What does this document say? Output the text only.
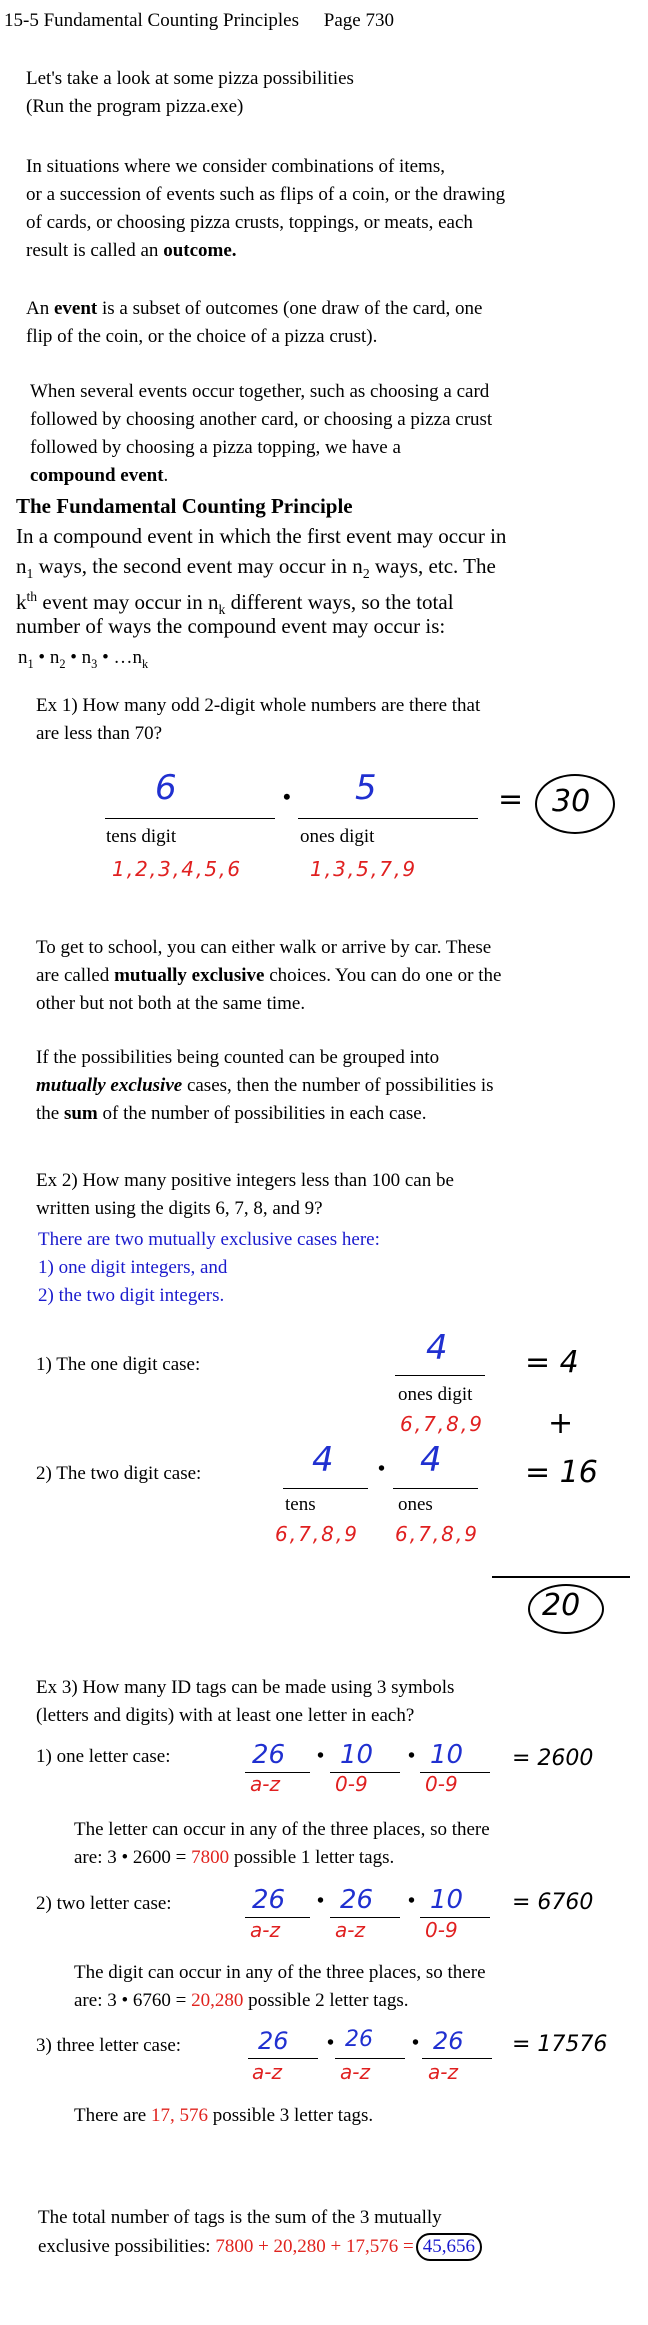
15-5 Fundamental Counting Principles Page 730
Let's take a look at some pizza possibilities
(Run the program pizza.exe)
In situations where we consider combinations of items,
or a succession of events such as flips of a coin, or the drawing
of cards, or choosing pizza crusts, toppings, or meats, each
result is called an outcome.
An event is a subset of outcomes (one draw of the card, one
flip of the coin, or the choice of a pizza crust).
When several events occur together, such as choosing a card
followed by choosing another card, or choosing a pizza crust
followed by choosing a pizza topping, we have a
compound event.
The Fundamental Counting Principle
In a compound event in which the first event may occur in
$n_1$ ways, the second event may occur in $n_2$ ways, etc. The
$k^{th}$ event may occur in $n_k$ different ways, so the total
number of ways the compound event may occur is:
$n_1$ • $n_2$ • $n_3$ • $\dots n_k$
Ex 1) How many odd 2-digit whole numbers are there that
are less than 70?
6	• 5	= 30
tens digit	ones digit
1,2,3,4,5,6	1,3,5,7,9
To get to school, you can either walk or arrive by car. These
are called mutually exclusive choices. You can do one or the
other but not both at the same time.
If the possibilities being counted can be grouped into
mutually exclusive cases, then the number of possibilities is
the sum of the number of possibilities in each case.
Ex 2) How many positive integers less than 100 can be
written using the digits 6, 7, 8, and 9?
There are two mutually exclusive cases here:
1) one digit integers, and
2) the two digit integers.
1) The one digit case:	4
ones digit
6,7,8,9
= 4
+
2) The two digit case:	4 • 4
tens	ones
6,7,8,9 6,7,8,9
= 16
20
Ex 3) How many ID tags can be made using 3 symbols
(letters and digits) with at least one letter in each?
1) one letter case:	26 10 10
•	•
a-z	0-9	0-9
= 2600
The letter can occur in any of the three places, so there
are: 3 • 2600 = 7800 possible 1 letter tags.
2) two letter case:	26 26 10
•	•
a-z	a-z	0-9
= 6760
The digit can occur in any of the three places, so there
are: 3 • 6760 = 20,280 possible 2 letter tags.
3) three letter case:	26	26	26
•	•
a-z	a-z	a-z
= 17576
There are 17, 576 possible 3 letter tags.
The total number of tags is the sum of the 3 mutually
exclusive possibilities: 7800 + 20,280 + 17,576 = 45,656
